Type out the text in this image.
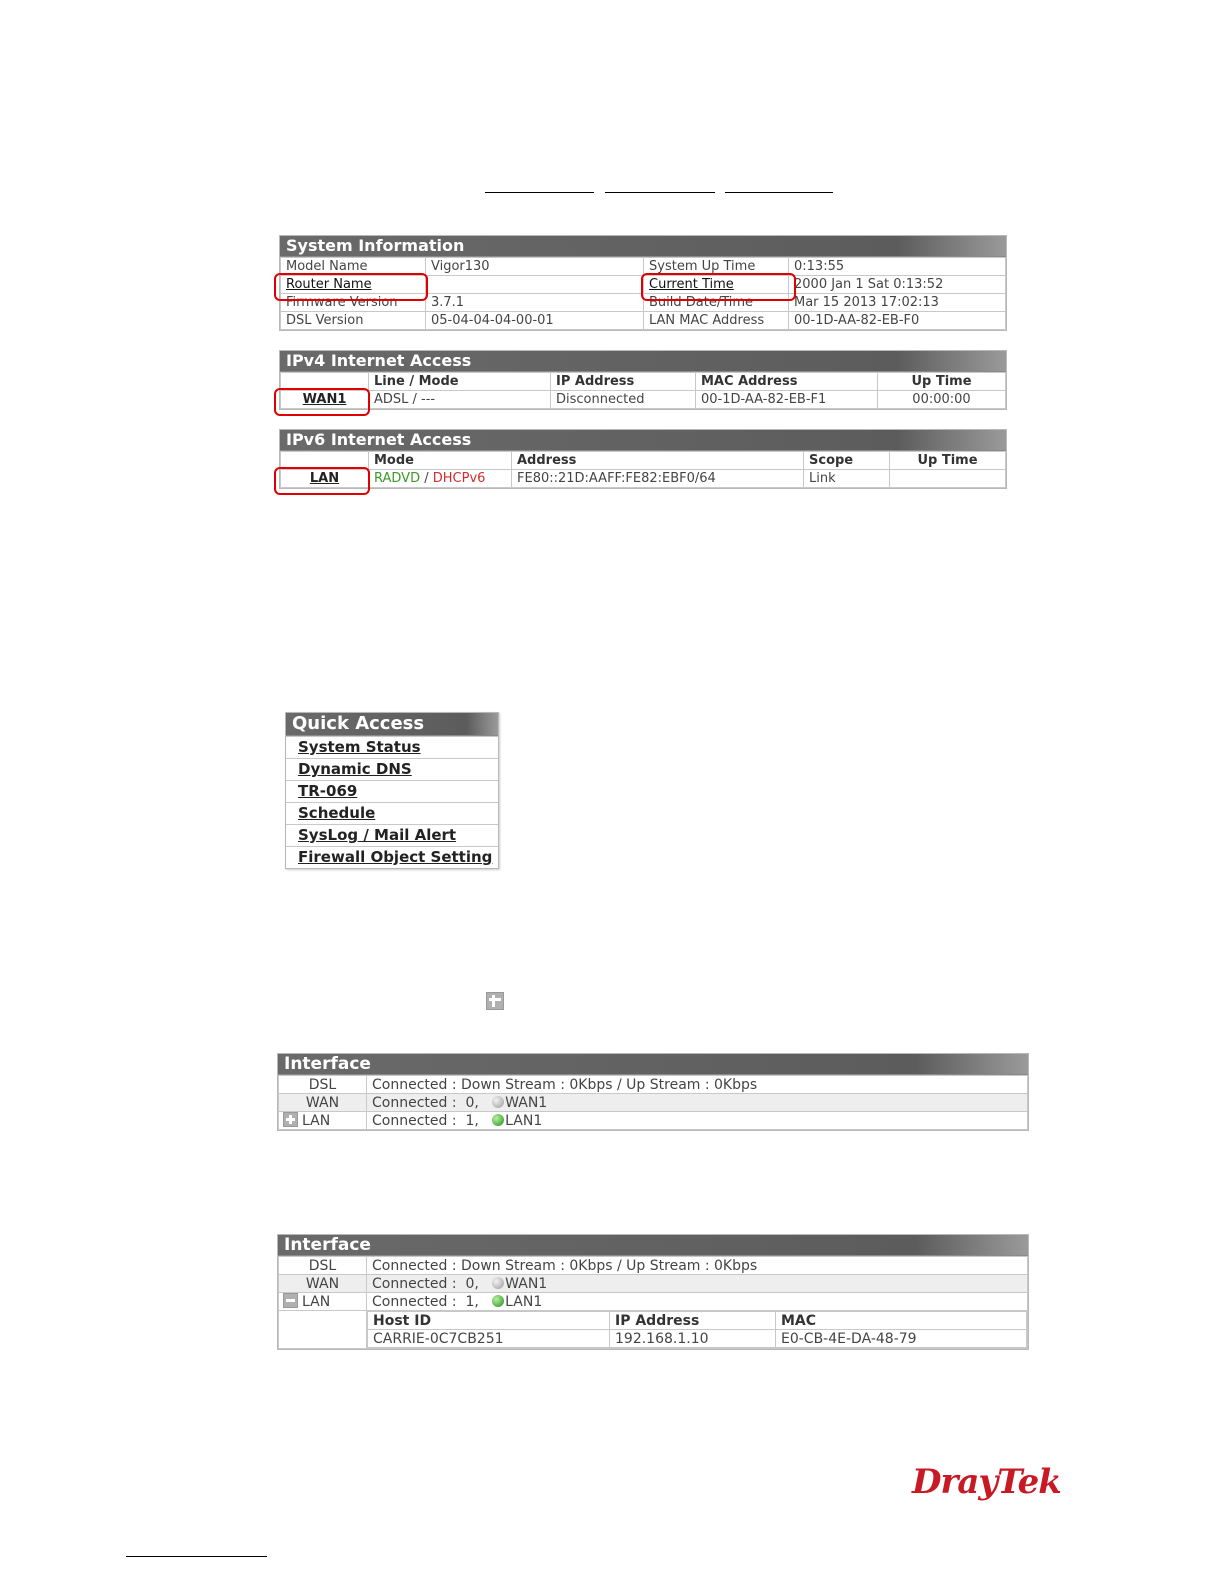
System Information
Model Name	Vigor130	System Up Time	0:13:55
Router Name		Current Time	2000 Jan 1 Sat 0:13:52
Firmware Version	3.7.1	Build Date/Time	Mar 15 2013 17:02:13
DSL Version	05-04-04-04-00-01	LAN MAC Address	00-1D-AA-82-EB-F0
IPv4 Internet Access
	Line / Mode	IP Address	MAC Address	Up Time
WAN1	ADSL / ---	Disconnected	00-1D-AA-82-EB-F1	00:00:00
IPv6 Internet Access
	Mode	Address	Scope	Up Time
LAN	RADVD / DHCPv6	FE80::21D:AAFF:FE82:EBF0/64	Link	
Quick Access
System Status
Dynamic DNS
TR-069
Schedule
SysLog / Mail Alert
Firewall Object Setting
Interface
DSL	Connected : Down Stream : 0Kbps / Up Stream : 0Kbps
WAN	Connected :  0, WAN1
LAN	Connected :  1, LAN1
Interface
DSL	Connected : Down Stream : 0Kbps / Up Stream : 0Kbps
WAN	Connected :  0, WAN1
LAN	Connected :  1, LAN1

Host ID	IP Address	MAC
CARRIE-0C7CB251	192.168.1.10	E0-CB-4E-DA-48-79
DrayTek
